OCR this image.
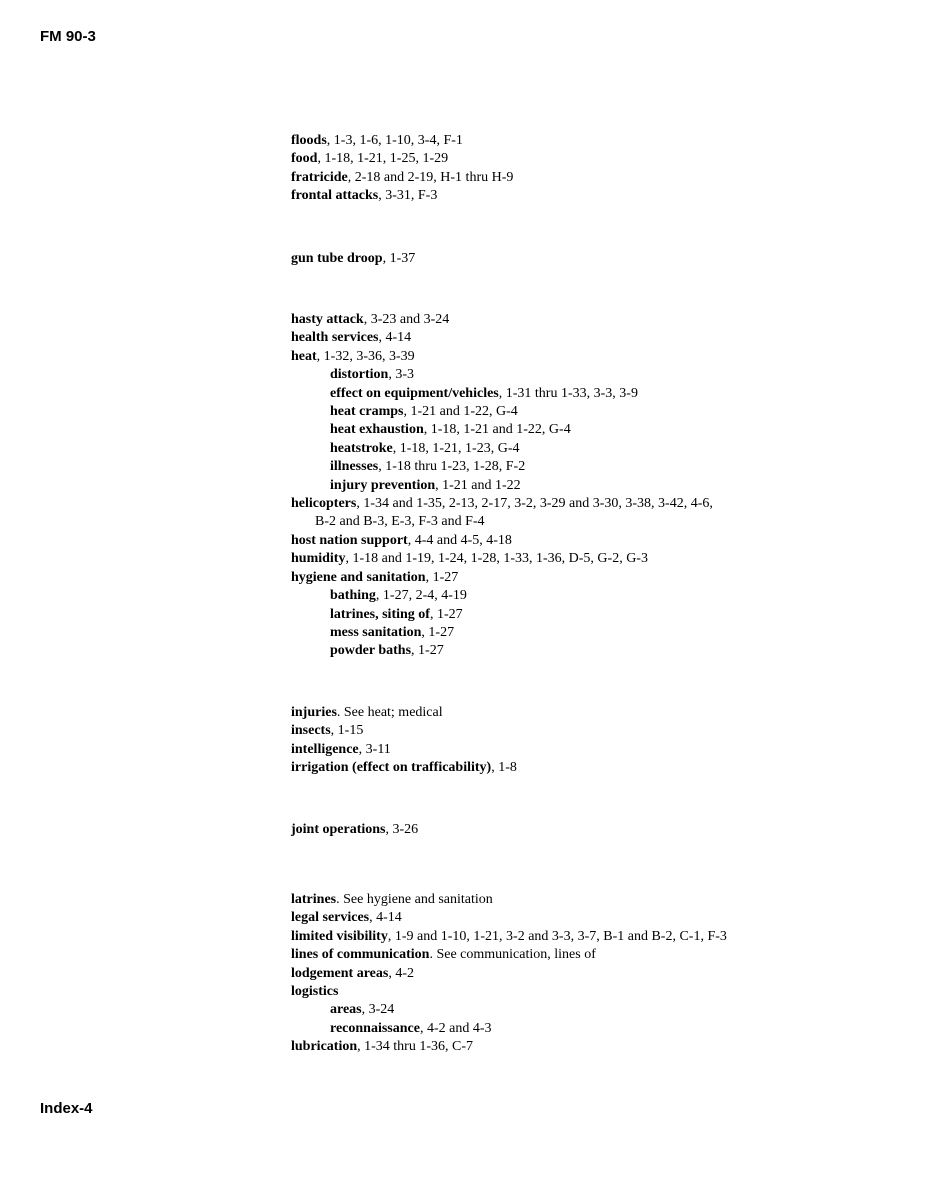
FM 90-3
floods, 1-3, 1-6, 1-10, 3-4, F-1
food, 1-18, 1-21, 1-25, 1-29
fratricide, 2-18 and 2-19, H-1 thru H-9
frontal attacks, 3-31, F-3
gun tube droop, 1-37
hasty attack, 3-23 and 3-24
health services, 4-14
heat, 1-32, 3-36, 3-39
distortion, 3-3
effect on equipment/vehicles, 1-31 thru 1-33, 3-3, 3-9
heat cramps, 1-21 and 1-22, G-4
heat exhaustion, 1-18, 1-21 and 1-22, G-4
heatstroke, 1-18, 1-21, 1-23, G-4
illnesses, 1-18 thru 1-23, 1-28, F-2
injury prevention, 1-21 and 1-22
helicopters, 1-34 and 1-35, 2-13, 2-17, 3-2, 3-29 and 3-30, 3-38, 3-42, 4-6,
B-2 and B-3, E-3, F-3 and F-4
host nation support, 4-4 and 4-5, 4-18
humidity, 1-18 and 1-19, 1-24, 1-28, 1-33, 1-36, D-5, G-2, G-3
hygiene and sanitation, 1-27
bathing, 1-27, 2-4, 4-19
latrines, siting of, 1-27
mess sanitation, 1-27
powder baths, 1-27
injuries. See heat; medical
insects, 1-15
intelligence, 3-11
irrigation (effect on trafficability), 1-8
joint operations, 3-26
latrines. See hygiene and sanitation
legal services, 4-14
limited visibility, 1-9 and 1-10, 1-21, 3-2 and 3-3, 3-7, B-1 and B-2, C-1, F-3
lines of communication. See communication, lines of
lodgement areas, 4-2
logistics
areas, 3-24
reconnaissance, 4-2 and 4-3
lubrication, 1-34 thru 1-36, C-7
Index-4
